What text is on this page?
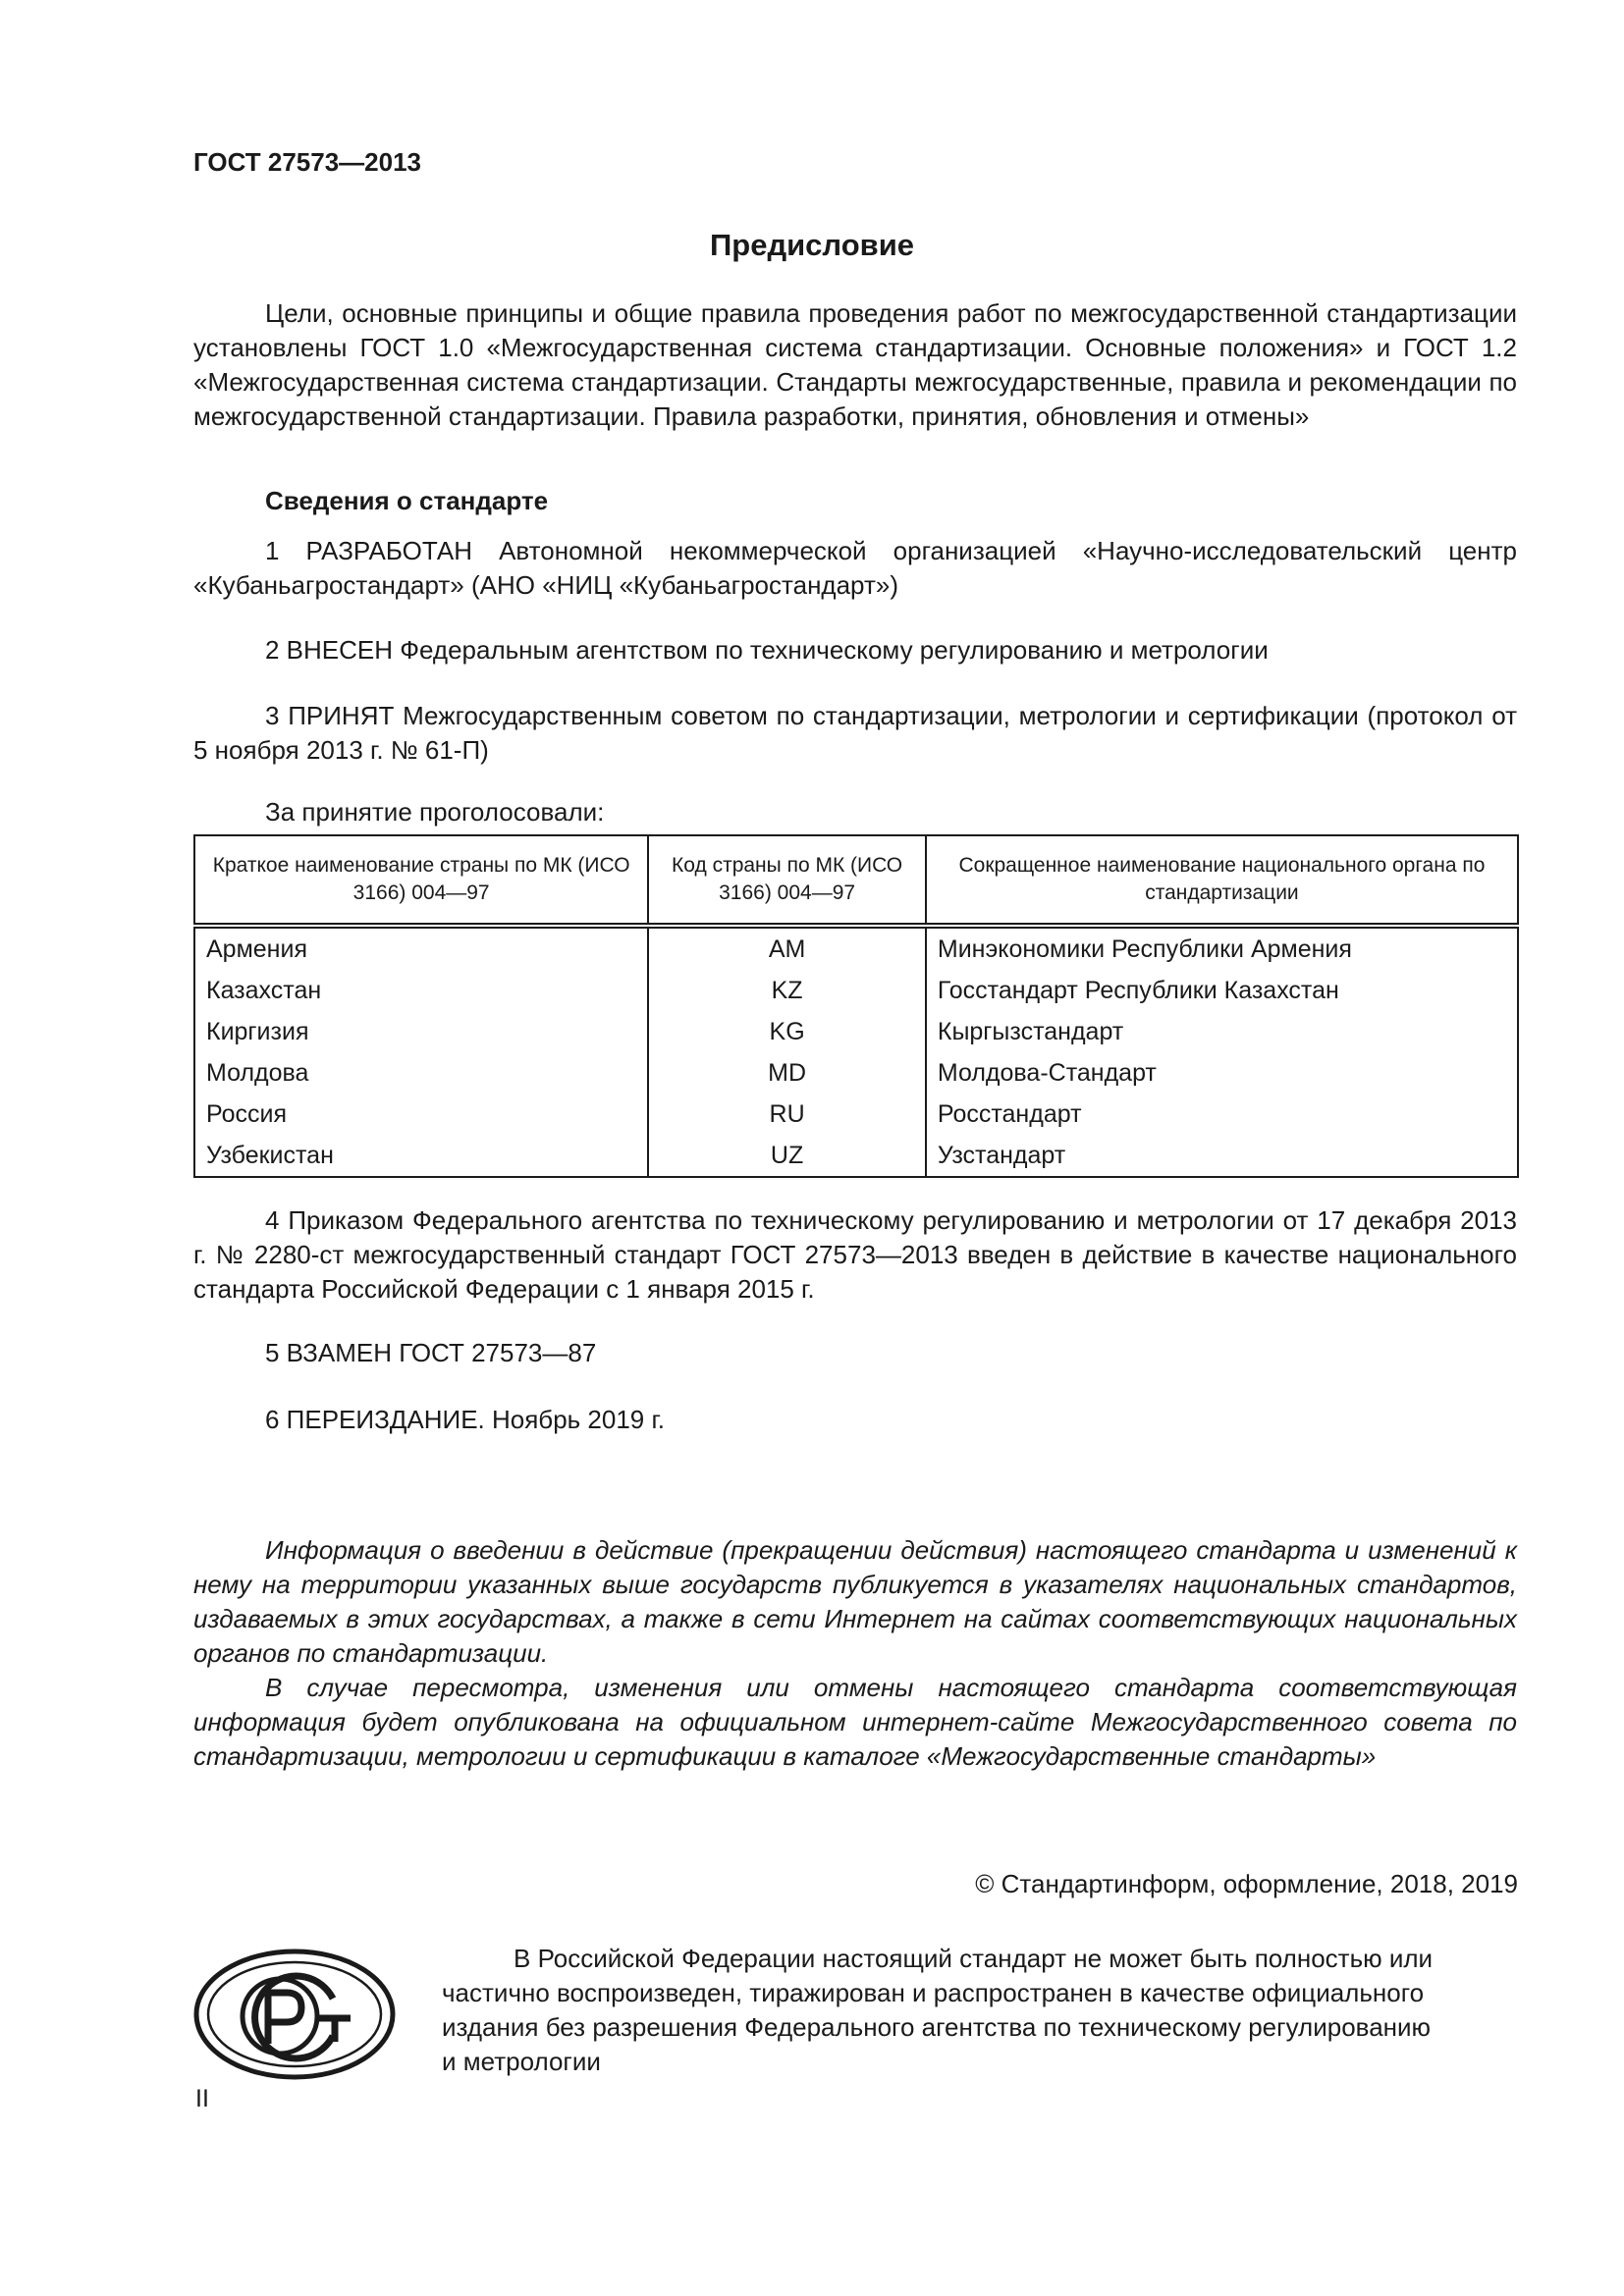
ГОСТ 27573—2013
Предисловие
Цели, основные принципы и общие правила проведения работ по межгосударственной стандартизации установлены ГОСТ 1.0 «Межгосударственная система стандартизации. Основные положения» и ГОСТ 1.2 «Межгосударственная система стандартизации. Стандарты межгосударственные, правила и рекомендации по межгосударственной стандартизации. Правила разработки, принятия, обновления и отмены»
Сведения о стандарте
1 РАЗРАБОТАН Автономной некоммерческой организацией «Научно-исследовательский центр «Кубаньагростандарт» (АНО «НИЦ «Кубаньагростандарт»)
2 ВНЕСЕН Федеральным агентством по техническому регулированию и метрологии
3 ПРИНЯТ Межгосударственным советом по стандартизации, метрологии и сертификации (протокол от 5 ноября 2013 г. № 61-П)
За принятие проголосовали:
Краткое наименование страны по МК (ИСО 3166) 004—97	Код страны по МК (ИСО 3166) 004—97	Сокращенное наименование национального органа по стандартизации
Армения	AM	Минэкономики Республики Армения
Казахстан	KZ	Госстандарт Республики Казахстан
Киргизия	KG	Кыргызстандарт
Молдова	MD	Молдова-Стандарт
Россия	RU	Росстандарт
Узбекистан	UZ	Узстандарт
4 Приказом Федерального агентства по техническому регулированию и метрологии от 17 декабря 2013 г. № 2280-ст межгосударственный стандарт ГОСТ 27573—2013 введен в действие в качестве национального стандарта Российской Федерации с 1 января 2015 г.
5 ВЗАМЕН ГОСТ 27573—87
6 ПЕРЕИЗДАНИЕ. Ноябрь 2019 г.
Информация о введении в действие (прекращении действия) настоящего стандарта и изменений к нему на территории указанных выше государств публикуется в указателях национальных стандартов, издаваемых в этих государствах, а также в сети Интернет на сайтах соответствующих национальных органов по стандартизации.
В случае пересмотра, изменения или отмены настоящего стандарта соответствующая информация будет опубликована на официальном интернет-сайте Межгосударственного совета по стандартизации, метрологии и сертификации в каталоге «Межгосударственные стандарты»
© Стандартинформ, оформление, 2018, 2019
В Российской Федерации настоящий стандарт не может быть полностью или
частично воспроизведен, тиражирован и распространен в качестве официального
издания без разрешения Федерального агентства по техническому регулированию
и метрологии
II
